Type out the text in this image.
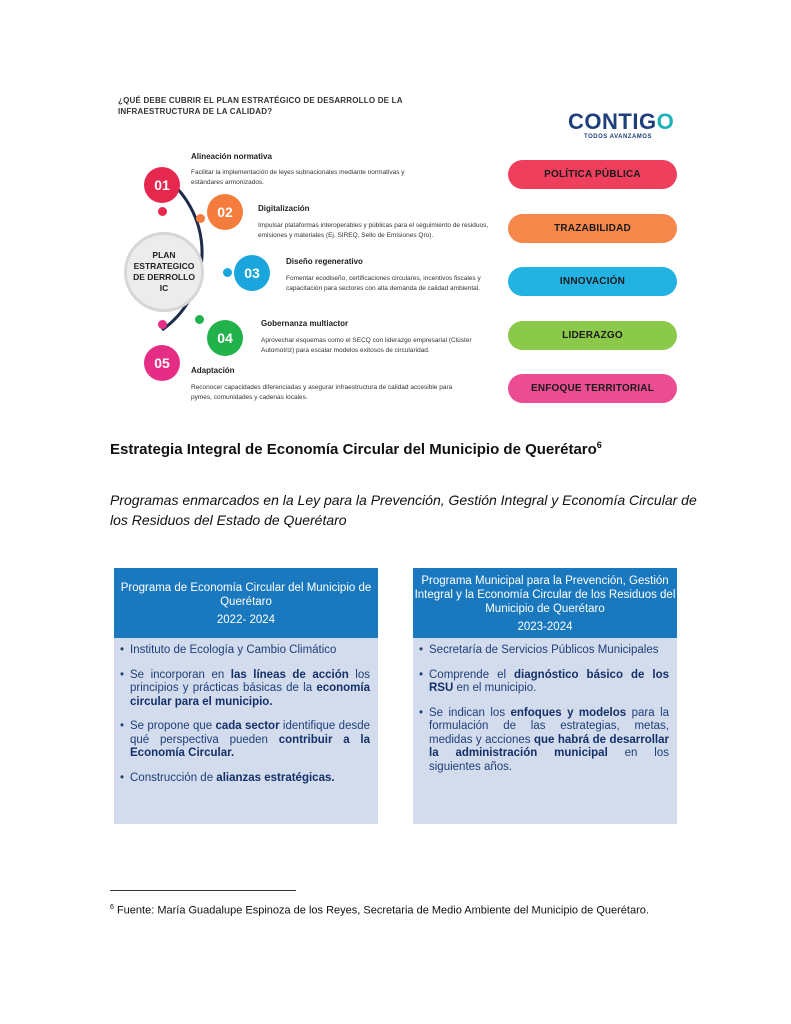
¿QUÉ DEBE CUBRIR EL PLAN ESTRATÉGICO DE DESARROLLO DE LA INFRAESTRUCTURA DE LA CALIDAD?	CONTIGO
TODOS AVANZAMOS
PLAN ESTRATEGICO DE DERROLLO IC
01
02
03
04
05
Alineación normativa
Facilitar la implementación de leyes subnacionales mediante normativas y estándares armonizados.
Digitalización
Impulsar plataformas interoperables y públicas para el seguimiento de residuos, emisiones y materiales (Ej. SIREQ, Sello de Emisiones Qro).
Diseño regenerativo
Fomentar ecodiseño, certificaciones circulares, incentivos fiscales y capacitación para sectores con alta demanda de calidad ambiental.
Gobernanza multiactor
Aprovechar esquemas como el SECQ con liderazgo empresarial (Clúster Automotriz) para escalar modelos exitosos de circularidad.
Adaptación
Reconocer capacidades diferenciadas y asegurar infraestructura de calidad accesible para pymes, comunidades y cadenas locales.
POLÍTICA PÚBLICA
TRAZABILIDAD
INNOVACIÓN
LIDERAZGO
ENFOQUE TERRITORIAL
Estrategia Integral de Economía Circular del Municipio de Querétaro$^6$
Programas enmarcados en la Ley para la Prevención, Gestión Integral y Economía Circular de los Residuos del Estado de Querétaro
Programa de Economía Circular del Municipio de Querétaro
2022- 2024
• Instituto de Ecología y Cambio Climático
• Se incorporan en las líneas de acción los principios y prácticas básicas de la economía circular para el municipio.
• Se propone que cada sector identifique desde qué perspectiva pueden contribuir a la Economía Circular.
• Construcción de alianzas estratégicas.
Programa Municipal para la Prevención, Gestión Integral y la Economía Circular de los Residuos del Municipio de Querétaro
2023-2024
• Secretaría de Servicios Públicos Municipales
• Comprende el diagnóstico básico de los RSU en el municipio.
• Se indican los enfoques y modelos para la formulación de las estrategias, metas, medidas y acciones que habrá de desarrollar la administración municipal en los siguientes años.
$^6$ Fuente: María Guadalupe Espinoza de los Reyes, Secretaria de Medio Ambiente del Municipio de Querétaro.
